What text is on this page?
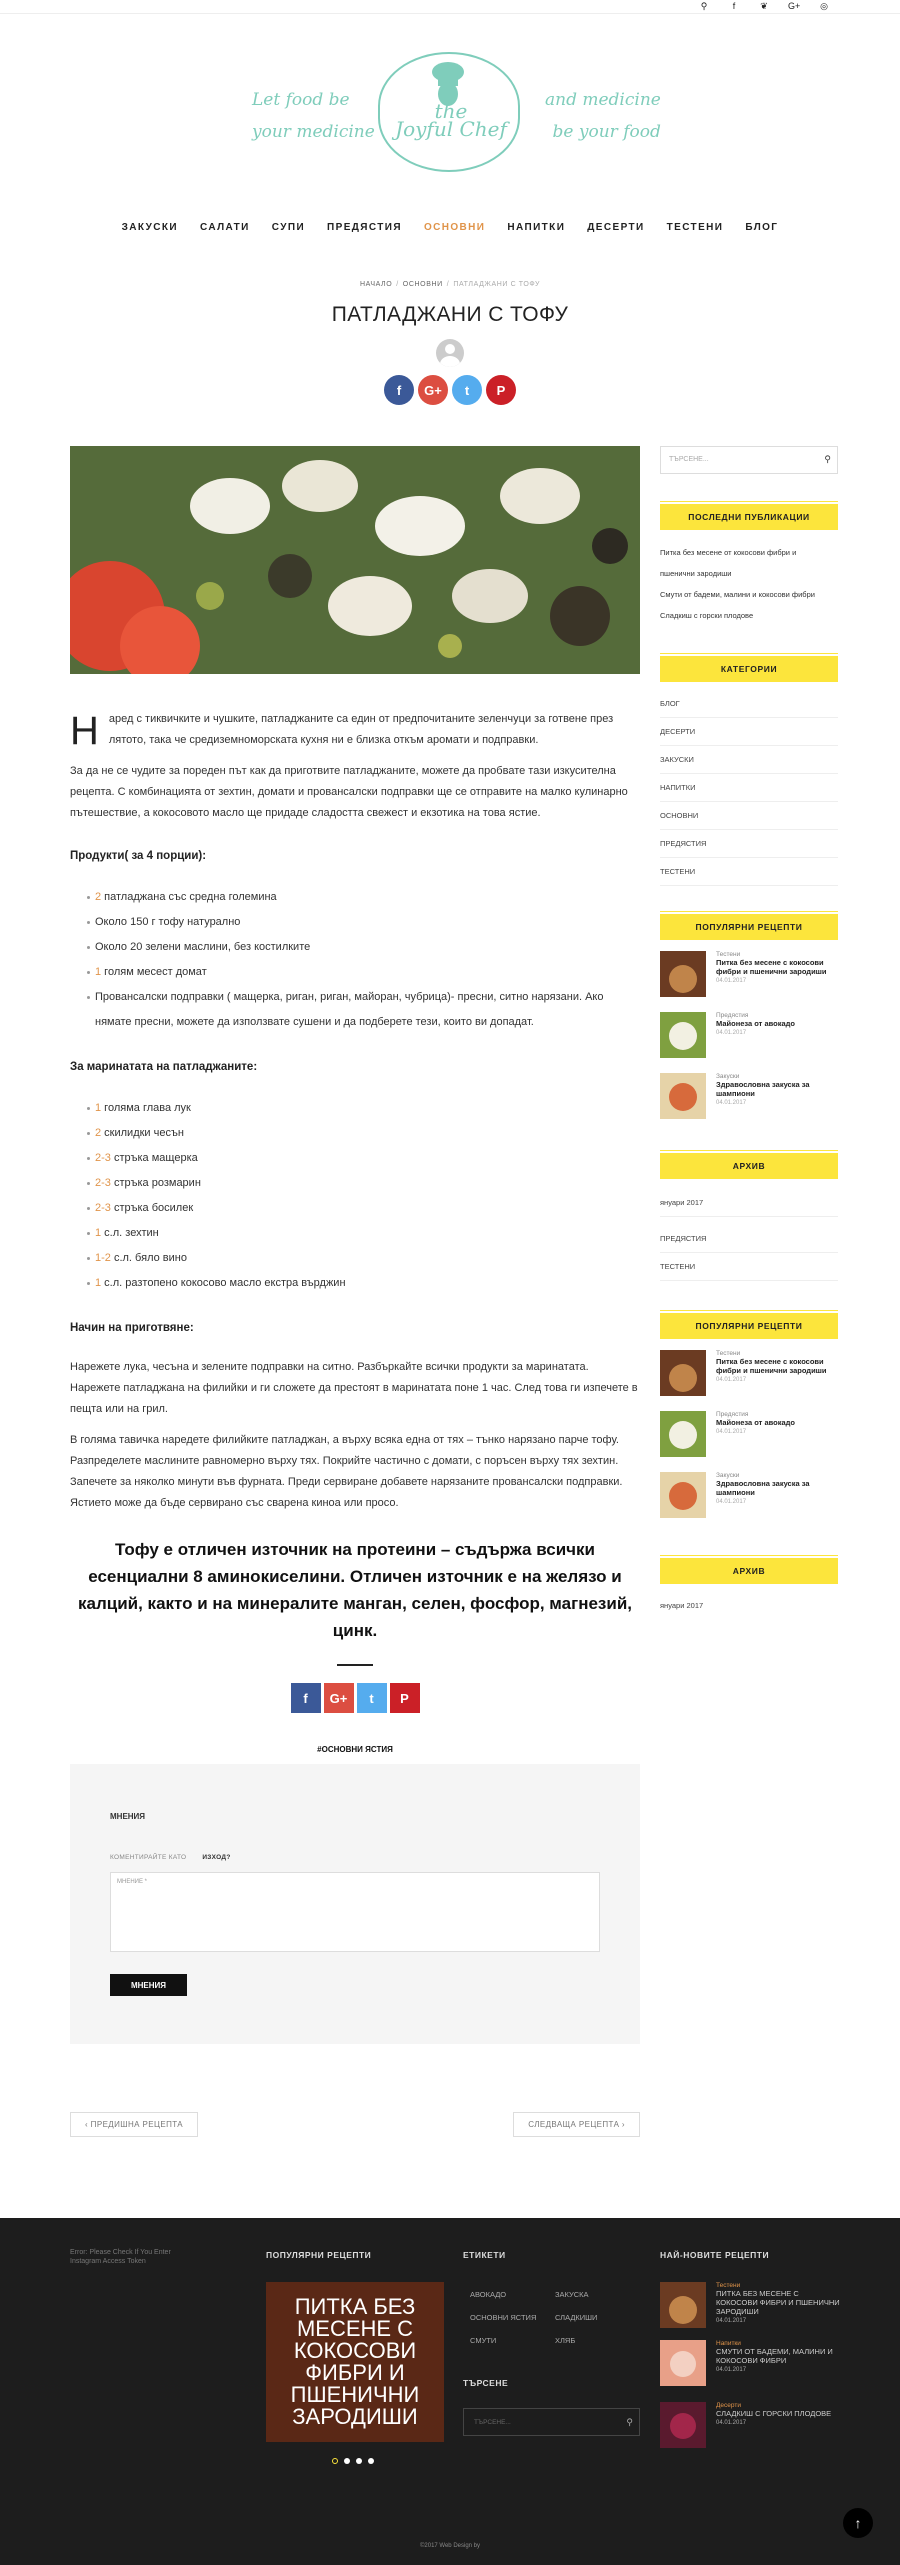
⚲	f	❦ G+ ◎
Let food be
your medicine
the
Joyful Chef
and medicine
be your food
ЗАКУСКИ САЛАТИ СУПИ ПРЕДЯСТИЯ ОСНОВНИ НАПИТКИ ДЕСЕРТИ ТЕСТЕНИ БЛОГ
НАЧАЛО / ОСНОВНИ / ПАТЛАДЖАНИ С ТОФУ
ПАТЛАДЖАНИ С ТОФУ
f	G+	t	P

Наред с тиквичките и чушките, патладжаните са един от предпочитаните зеленчуци за готвене през лятото, така че средиземноморската кухня ни е близка откъм аромати и подправки.

За да не се чудите за пореден път как да приготвите патладжаните, можете да пробвате тази изкусителна рецепта. С комбинацията от зехтин, домати и провансалски подправки ще се отправите на малко кулинарно пътешествие, а кокосовото масло ще придаде сладостта свежест и екзотика на това ястие.

Продукти( за 4 порции):
2 патладжана със средна големина
Около 150 г тофу натурално
Около 20 зелени маслини, без костилките
1 голям месест домат
Провансалски подправки ( мащерка, риган, риган, майоран, чубрица)- пресни, ситно нарязани. Ако нямате пресни, можете да използвате сушени и да подберете тези, които ви допадат.
За маринатата на патладжаните:
1 голяма глава лук
2 скилидки чесън
2-3 стръка мащерка
2-3 стръка розмарин
2-3 стръка босилек
1 с.л. зехтин
1-2 с.л. бяло вино
1 с.л. разтопено кокосово масло екстра върджин
Начин на приготвяне:

Нарежете лука, чесъна и зелените подправки на ситно. Разбъркайте всички продукти за маринатата. Нарежете патладжана на филийки и ги сложете да престоят в маринатата поне 1 час. След това ги изпечете в пещта или на грил.

В голяма тавичка наредете филийките патладжан, а върху всяка една от тях – тънко нарязано парче тофу. Разпределете маслините равномерно върху тях. Покрийте частично с домати, с поръсен върху тях зехтин. Запечете за няколко минути във фурната. Преди сервиране добавете нарязаните провансалски подправки. Ястието може да бъде сервирано със сварена киноа или просо.

Тофу е отличен източник на протеини – съдържа всички есенциални 8 аминокиселини. Отличен източник е на желязо и калций, както и на минералите манган, селен, фосфор, магнезий, цинк.
f	G+	t	P
#ОСНОВНИ ЯСТИЯ
МНЕНИЯ
КОМЕНТИРАЙТЕ КАТО ИЗХОД?
МНЕНИЕ *
МНЕНИЯ
‹ ПРЕДИШНА РЕЦЕПТА	СЛЕДВАЩА РЕЦЕПТА ›
ТЪРСЕНЕ...	⚲
ПОСЛЕДНИ ПУБЛИКАЦИИ
Питка без месене от кокосови фибри и
пшенични зародиши
Смути от бадеми, малини и кокосови фибри
Сладкиш с горски плодове
КАТЕГОРИИ
БЛОГ
ДЕСЕРТИ
ЗАКУСКИ
НАПИТКИ
ОСНОВНИ
ПРЕДЯСТИЯ
ТЕСТЕНИ
ПОПУЛЯРНИ РЕЦЕПТИ
Тестени
Питка без месене с кокосови фибри и пшенични зародиши
04.01.2017
Предястия
Майонеза от авокадо
04.01.2017
Закуски
Здравословна закуска за шампиони
04.01.2017
АРХИВ
януари 2017
ПРЕДЯСТИЯ
ТЕСТЕНИ
ПОПУЛЯРНИ РЕЦЕПТИ
Тестени
Питка без месене с кокосови фибри и пшенични зародиши
04.01.2017
Предястия
Майонеза от авокадо
04.01.2017
Закуски
Здравословна закуска за шампиони
04.01.2017
АРХИВ
януари 2017
Error: Please Check If You Enter Instagram Access Token
ПОПУЛЯРНИ РЕЦЕПТИ
ПИТКА БЕЗ МЕСЕНЕ С КОКОСОВИ ФИБРИ И ПШЕНИЧНИ ЗАРОДИШИ
ЕТИКЕТИ
АВОКАДО	ЗАКУСКА
ОСНОВНИ ЯСТИЯ	СЛАДКИШИ
СМУТИ	ХЛЯБ
ТЪРСЕНЕ
ТЪРСЕНЕ...	⚲
НАЙ-НОВИТЕ РЕЦЕПТИ
Тестени
ПИТКА БЕЗ МЕСЕНЕ С КОКОСОВИ ФИБРИ И ПШЕНИЧНИ ЗАРОДИШИ
04.01.2017
Напитки
СМУТИ ОТ БАДЕМИ, МАЛИНИ И КОКОСОВИ ФИБРИ
04.01.2017
Десерти
СЛАДКИШ С ГОРСКИ ПЛОДОВЕ
04.01.2017
↑
©2017 Web Design by
